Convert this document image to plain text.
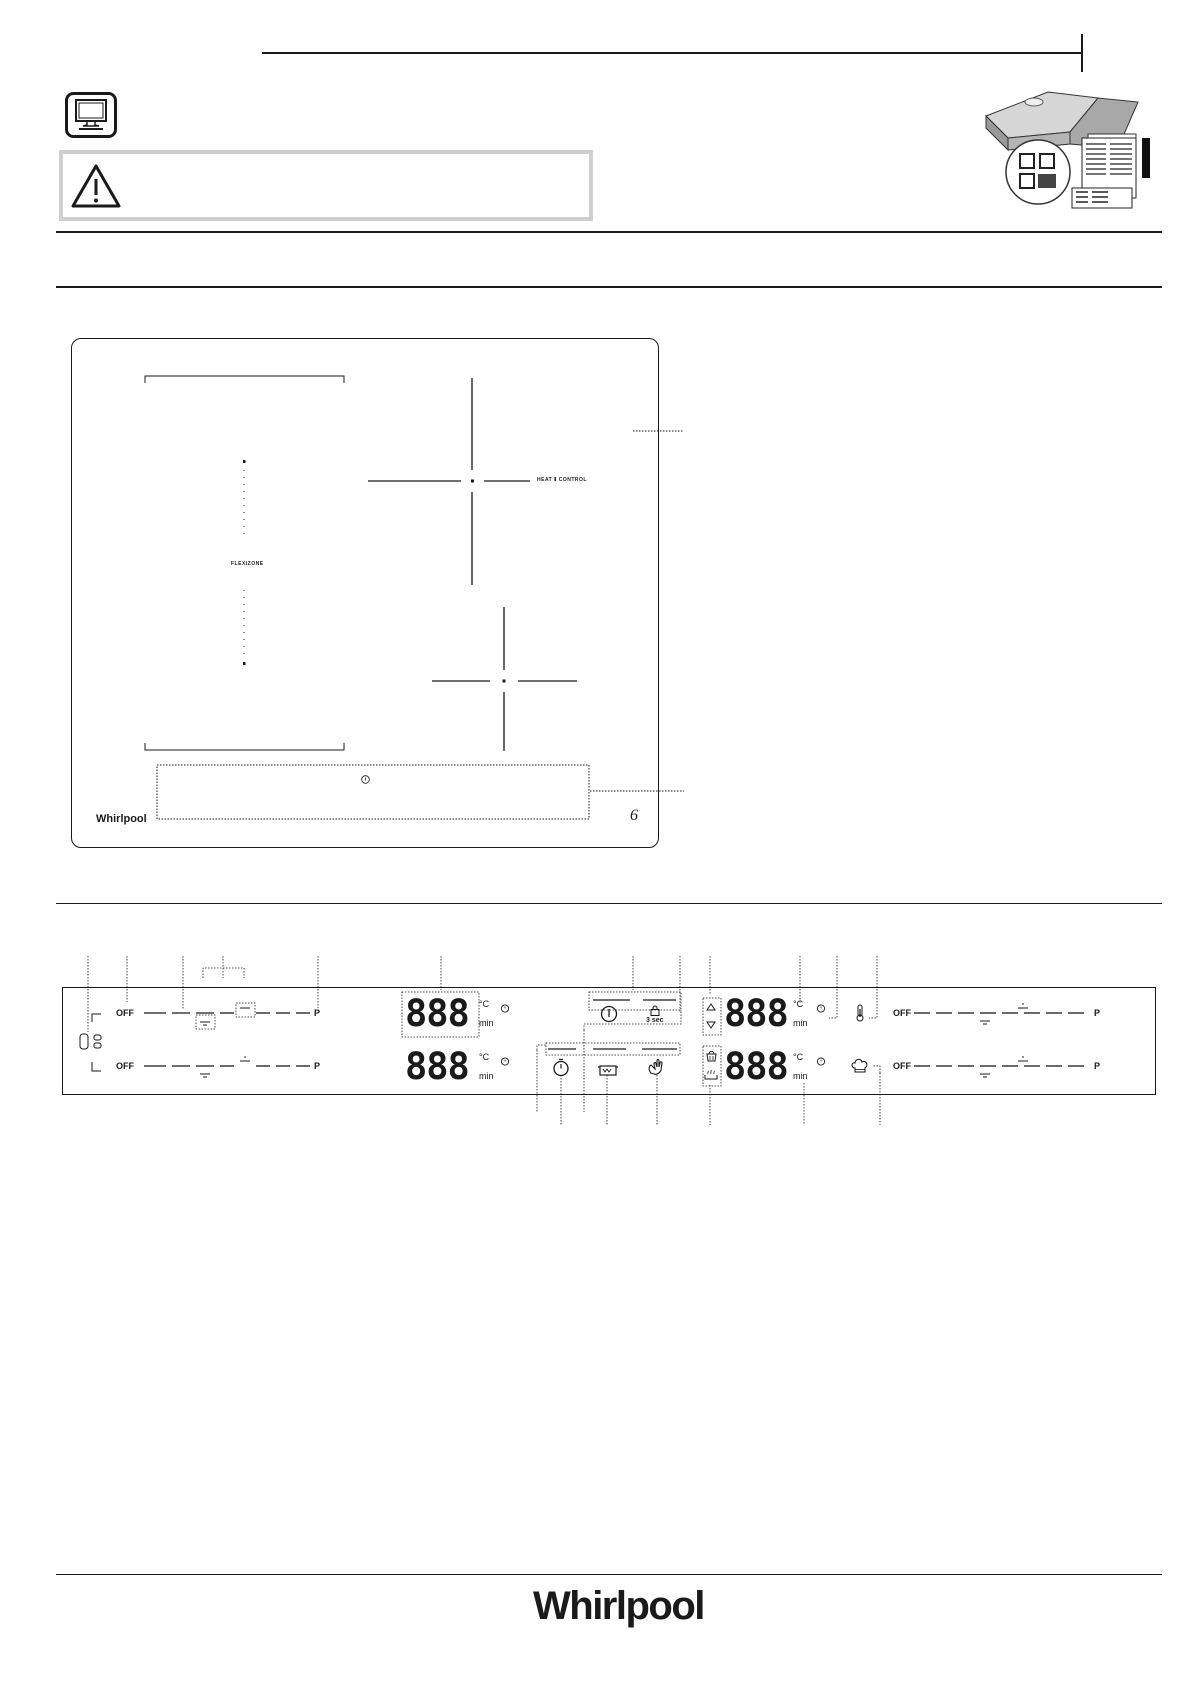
FLEXIZONE
HEAT ⦀ CONTROL
Whirlpool	6
OFF	P
OFF	P
OFF	P
OFF	P
888 °C
min
888 °C
min
888 °C
min
888 °C
min
3 sec
Whirlpool
